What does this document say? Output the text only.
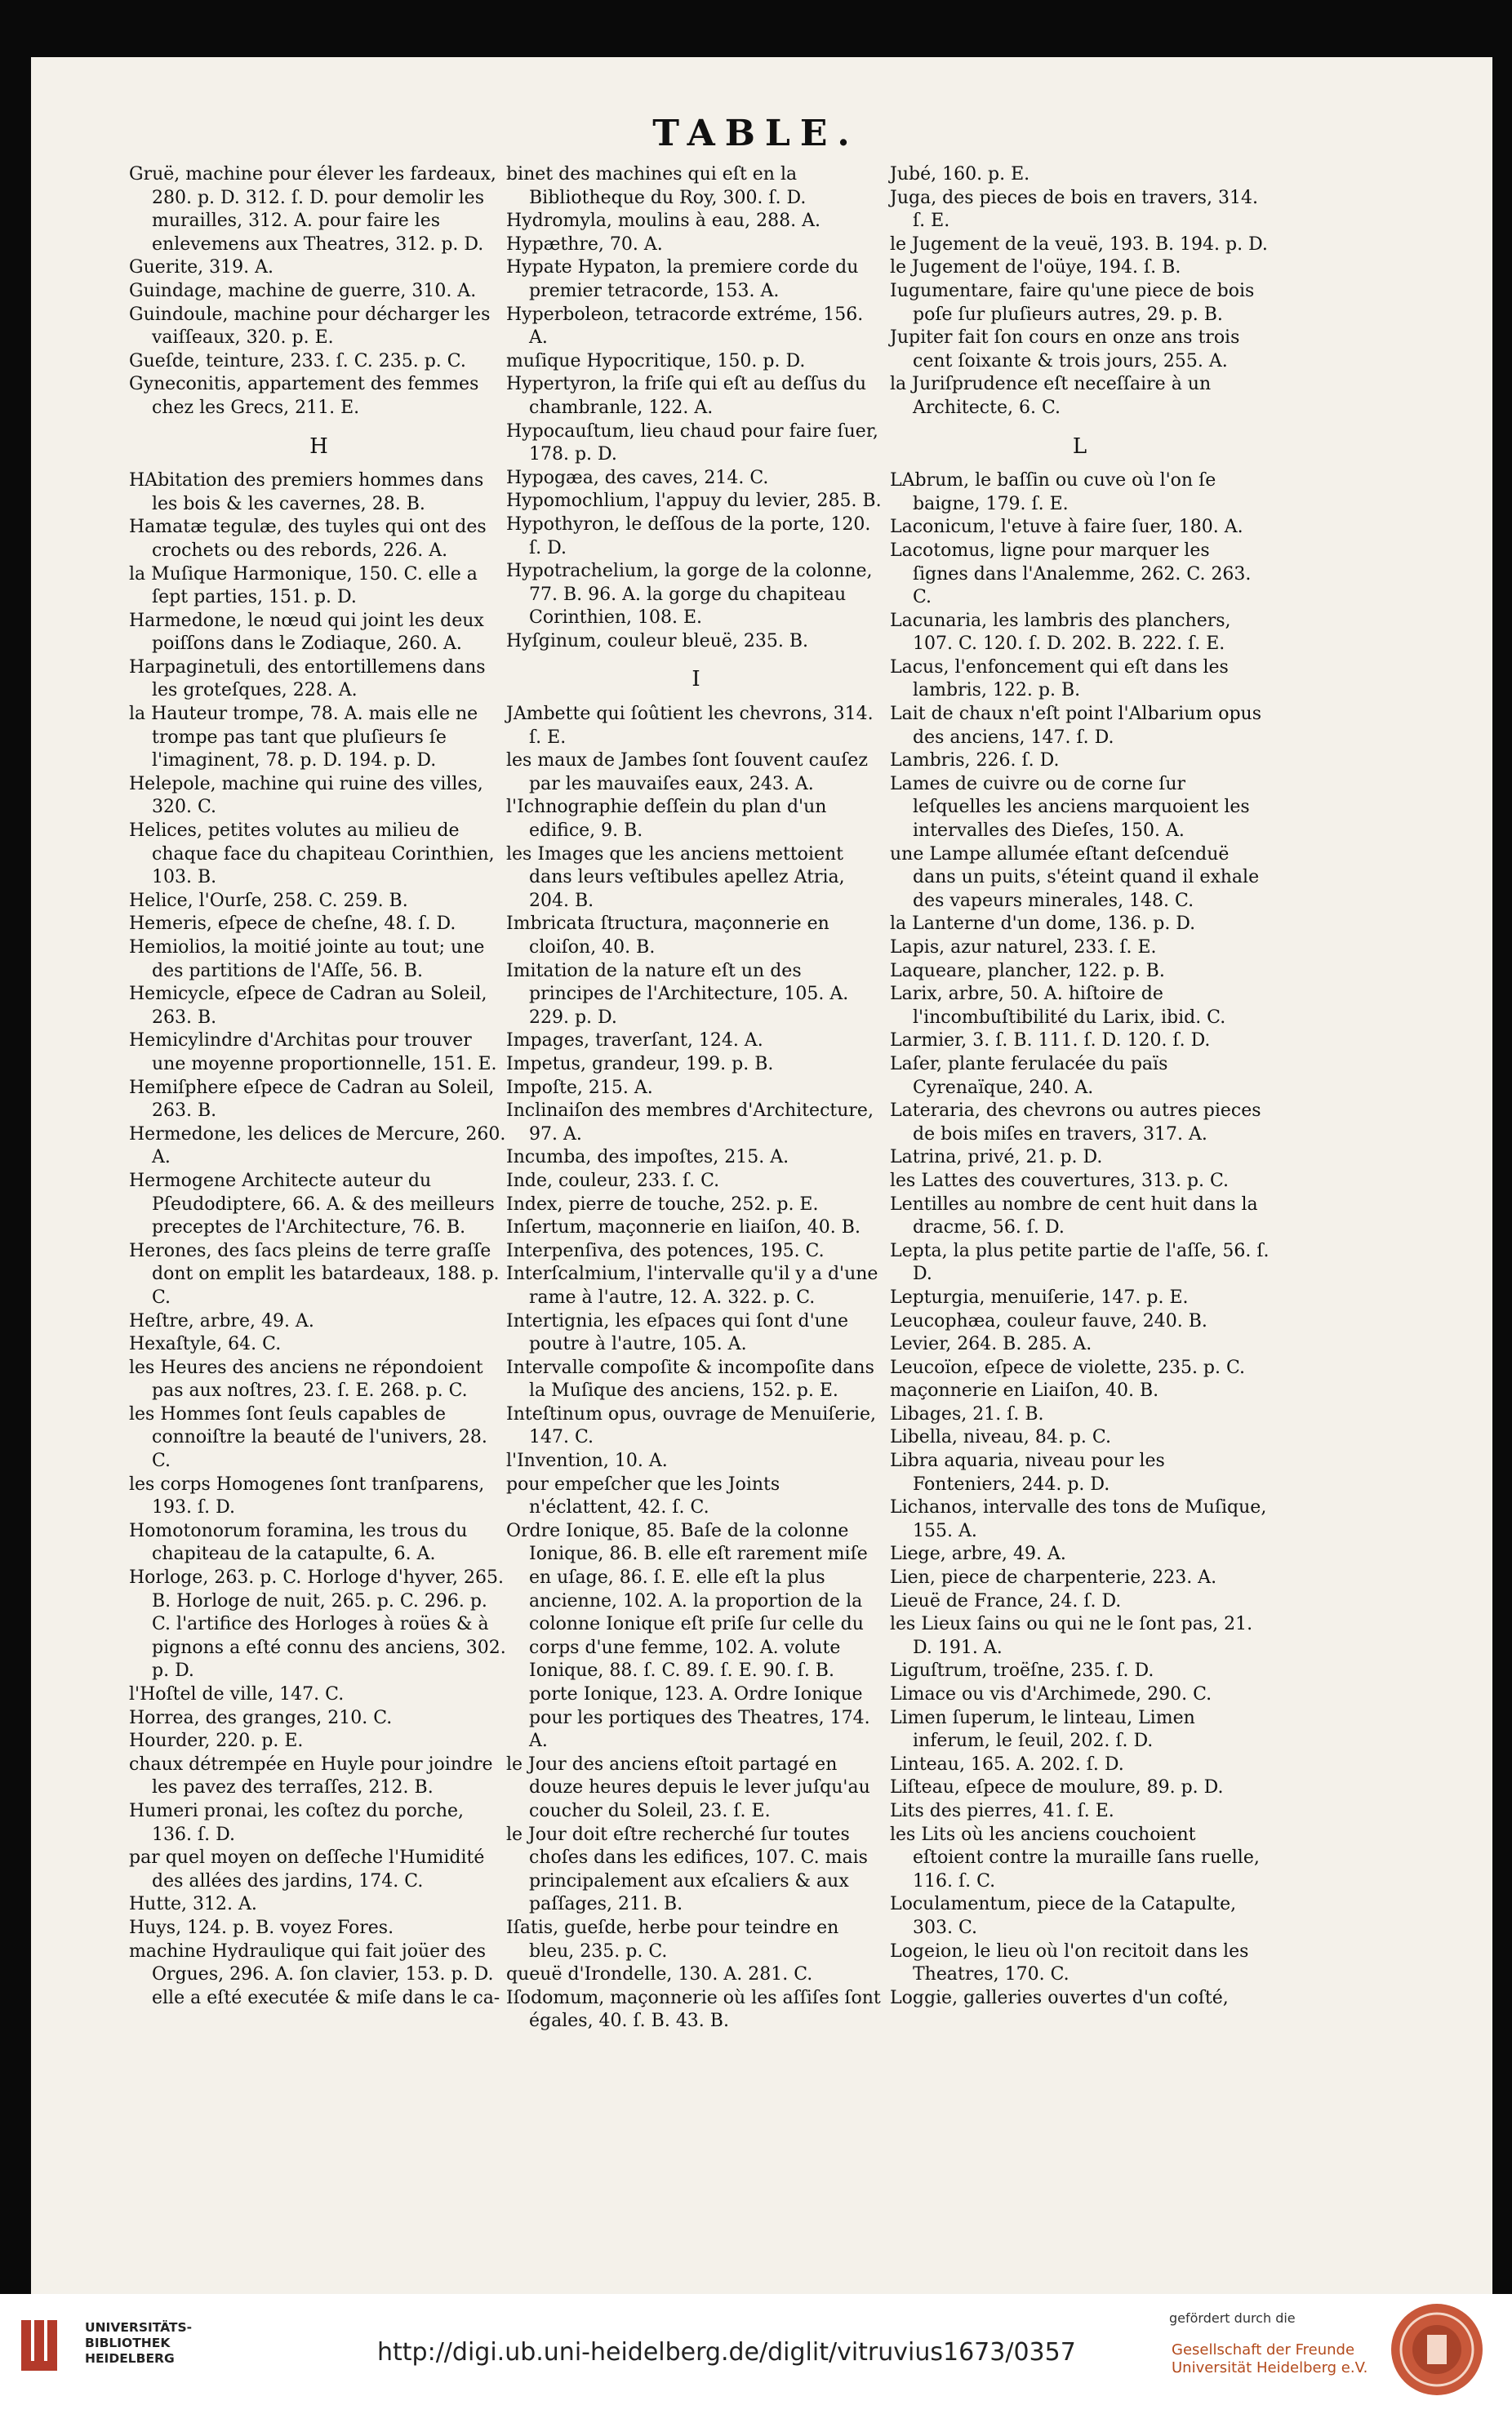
TABLE.

Gruë, machine pour élever les fardeaux, 280. p. D. 312. ſ. D. pour demolir les murailles, 312. A. pour faire les enlevemens aux Theatres, 312. p. D.

Guerite, 319. A.

Guindage, machine de guerre, 310. A.

Guindoule, machine pour décharger les vaiſſeaux, 320. p. E.

Gueſde, teinture, 233. ſ. C. 235. p. C.

Gyneconitis, appartement des femmes chez les Grecs, 211. E.

H

HAbitation des premiers hommes dans les bois & les cavernes, 28. B.

Hamatæ tegulæ, des tuyles qui ont des crochets ou des rebords, 226. A.

la Muſique Harmonique, 150. C. elle a ſept parties, 151. p. D.

Harmedone, le nœud qui joint les deux poiſſons dans le Zodiaque, 260. A.

Harpaginetuli, des entortillemens dans les groteſques, 228. A.

la Hauteur trompe, 78. A. mais elle ne trompe pas tant que pluſieurs ſe l'imaginent, 78. p. D. 194. p. D.

Helepole, machine qui ruine des villes, 320. C.

Helices, petites volutes au milieu de chaque face du chapiteau Corinthien, 103. B.

Helice, l'Ourſe, 258. C. 259. B.

Hemeris, eſpece de cheſne, 48. ſ. D.

Hemiolios, la moitié jointe au tout; une des partitions de l'Aſſe, 56. B.

Hemicycle, eſpece de Cadran au Soleil, 263. B.

Hemicylindre d'Architas pour trouver une moyenne proportionnelle, 151. E.

Hemiſphere eſpece de Cadran au Soleil, 263. B.

Hermedone, les delices de Mercure, 260. A.

Hermogene Architecte auteur du Pſeudodiptere, 66. A. & des meilleurs preceptes de l'Architecture, 76. B.

Herones, des ſacs pleins de terre graſſe dont on emplit les batardeaux, 188. p. C.

Heſtre, arbre, 49. A.

Hexaſtyle, 64. C.

les Heures des anciens ne répondoient pas aux noſtres, 23. ſ. E. 268. p. C.

les Hommes ſont ſeuls capables de connoiſtre la beauté de l'univers, 28. C.

les corps Homogenes ſont tranſparens, 193. ſ. D.

Homotonorum foramina, les trous du chapiteau de la catapulte, 6. A.

Horloge, 263. p. C. Horloge d'hyver, 265. B. Horloge de nuit, 265. p. C. 296. p. C. l'artifice des Horloges à roües & à pignons a eſté connu des anciens, 302. p. D.

l'Hoſtel de ville, 147. C.

Horrea, des granges, 210. C.

Hourder, 220. p. E.

chaux détrempée en Huyle pour joindre les pavez des terraſſes, 212. B.

Humeri pronai, les coſtez du porche, 136. ſ. D.

par quel moyen on deſſeche l'Humidité des allées des jardins, 174. C.

Hutte, 312. A.

Huys, 124. p. B. voyez Fores.

machine Hydraulique qui fait joüer des Orgues, 296. A. ſon clavier, 153. p. D. elle a eſté executée & miſe dans le ca-

binet des machines qui eſt en la Bibliotheque du Roy, 300. ſ. D.

Hydromyla, moulins à eau, 288. A.

Hypæthre, 70. A.

Hypate Hypaton, la premiere corde du premier tetracorde, 153. A.

Hyperboleon, tetracorde extréme, 156. A.

muſique Hypocritique, 150. p. D.

Hypertyron, la friſe qui eſt au deſſus du chambranle, 122. A.

Hypocauſtum, lieu chaud pour faire ſuer, 178. p. D.

Hypogæa, des caves, 214. C.

Hypomochlium, l'appuy du levier, 285. B.

Hypothyron, le deſſous de la porte, 120. ſ. D.

Hypotrachelium, la gorge de la colonne, 77. B. 96. A. la gorge du chapiteau Corinthien, 108. E.

Hyſginum, couleur bleuë, 235. B.

I

JAmbette qui ſoûtient les chevrons, 314. ſ. E.

les maux de Jambes ſont ſouvent cauſez par les mauvaiſes eaux, 243. A.

l'Ichnographie deſſein du plan d'un edifice, 9. B.

les Images que les anciens mettoient dans leurs veſtibules apellez Atria, 204. B.

Imbricata ſtructura, maçonnerie en cloiſon, 40. B.

Imitation de la nature eſt un des principes de l'Architecture, 105. A. 229. p. D.

Impages, traverſant, 124. A.

Impetus, grandeur, 199. p. B.

Impoſte, 215. A.

Inclinaiſon des membres d'Architecture, 97. A.

Incumba, des impoſtes, 215. A.

Inde, couleur, 233. ſ. C.

Index, pierre de touche, 252. p. E.

Inſertum, maçonnerie en liaiſon, 40. B.

Interpenſiva, des potences, 195. C.

Interſcalmium, l'intervalle qu'il y a d'une rame à l'autre, 12. A. 322. p. C.

Intertignia, les eſpaces qui ſont d'une poutre à l'autre, 105. A.

Intervalle compoſite & incompoſite dans la Muſique des anciens, 152. p. E.

Inteſtinum opus, ouvrage de Menuiſerie, 147. C.

l'Invention, 10. A.

pour empeſcher que les Joints n'éclattent, 42. ſ. C.

Ordre Ionique, 85. Baſe de la colonne Ionique, 86. B. elle eſt rarement miſe en uſage, 86. ſ. E. elle eſt la plus ancienne, 102. A. la proportion de la colonne Ionique eſt priſe ſur celle du corps d'une femme, 102. A. volute Ionique, 88. ſ. C. 89. ſ. E. 90. ſ. B. porte Ionique, 123. A. Ordre Ionique pour les portiques des Theatres, 174. A.

le Jour des anciens eſtoit partagé en douze heures depuis le lever juſqu'au coucher du Soleil, 23. ſ. E.

le Jour doit eſtre recherché ſur toutes choſes dans les edifices, 107. C. mais principalement aux eſcaliers & aux paſſages, 211. B.

Iſatis, gueſde, herbe pour teindre en bleu, 235. p. C.

queuë d'Irondelle, 130. A. 281. C.

Iſodomum, maçonnerie où les aſſiſes ſont égales, 40. ſ. B. 43. B.

Jubé, 160. p. E.

Juga, des pieces de bois en travers, 314. ſ. E.

le Jugement de la veuë, 193. B. 194. p. D.

le Jugement de l'oüye, 194. ſ. B.

Iugumentare, faire qu'une piece de bois poſe ſur pluſieurs autres, 29. p. B.

Jupiter fait ſon cours en onze ans trois cent ſoixante & trois jours, 255. A.

la Juriſprudence eſt neceſſaire à un Architecte, 6. C.

L

LAbrum, le baſſin ou cuve où l'on ſe baigne, 179. ſ. E.

Laconicum, l'etuve à faire ſuer, 180. A.

Lacotomus, ligne pour marquer les ſignes dans l'Analemme, 262. C. 263. C.

Lacunaria, les lambris des planchers, 107. C. 120. ſ. D. 202. B. 222. ſ. E.

Lacus, l'enfoncement qui eſt dans les lambris, 122. p. B.

Lait de chaux n'eſt point l'Albarium opus des anciens, 147. ſ. D.

Lambris, 226. ſ. D.

Lames de cuivre ou de corne ſur leſquelles les anciens marquoient les intervalles des Dieſes, 150. A.

une Lampe allumée eſtant deſcenduë dans un puits, s'éteint quand il exhale des vapeurs minerales, 148. C.

la Lanterne d'un dome, 136. p. D.

Lapis, azur naturel, 233. ſ. E.

Laqueare, plancher, 122. p. B.

Larix, arbre, 50. A. hiſtoire de l'incombuſtibilité du Larix, ibid. C.

Larmier, 3. ſ. B. 111. ſ. D. 120. ſ. D.

Laſer, plante ferulacée du païs Cyrenaïque, 240. A.

Lateraria, des chevrons ou autres pieces de bois miſes en travers, 317. A.

Latrina, privé, 21. p. D.

les Lattes des couvertures, 313. p. C.

Lentilles au nombre de cent huit dans la dracme, 56. ſ. D.

Lepta, la plus petite partie de l'aſſe, 56. ſ. D.

Lepturgia, menuiſerie, 147. p. E.

Leucophæa, couleur fauve, 240. B.

Levier, 264. B. 285. A.

Leucoïon, eſpece de violette, 235. p. C.

maçonnerie en Liaiſon, 40. B.

Libages, 21. ſ. B.

Libella, niveau, 84. p. C.

Libra aquaria, niveau pour les Fonteniers, 244. p. D.

Lichanos, intervalle des tons de Muſique, 155. A.

Liege, arbre, 49. A.

Lien, piece de charpenterie, 223. A.

Lieuë de France, 24. ſ. D.

les Lieux ſains ou qui ne le ſont pas, 21. D. 191. A.

Liguſtrum, troëſne, 235. ſ. D.

Limace ou vis d'Archimede, 290. C.

Limen ſuperum, le linteau, Limen inferum, le ſeuil, 202. ſ. D.

Linteau, 165. A. 202. ſ. D.

Liſteau, eſpece de moulure, 89. p. D.

Lits des pierres, 41. ſ. E.

les Lits où les anciens couchoient eſtoient contre la muraille ſans ruelle, 116. ſ. C.

Loculamentum, piece de la Catapulte, 303. C.

Logeion, le lieu où l'on recitoit dans les Theatres, 170. C.

Loggie, galleries ouvertes d'un coſté,

UNIVERSITÄTS-
BIBLIOTHEK
HEIDELBERG	http://digi.ub.uni-heidelberg.de/diglit/vitruvius1673/0357
gefördert durch die
Gesellschaft der Freunde
Universität Heidelberg e.V.
